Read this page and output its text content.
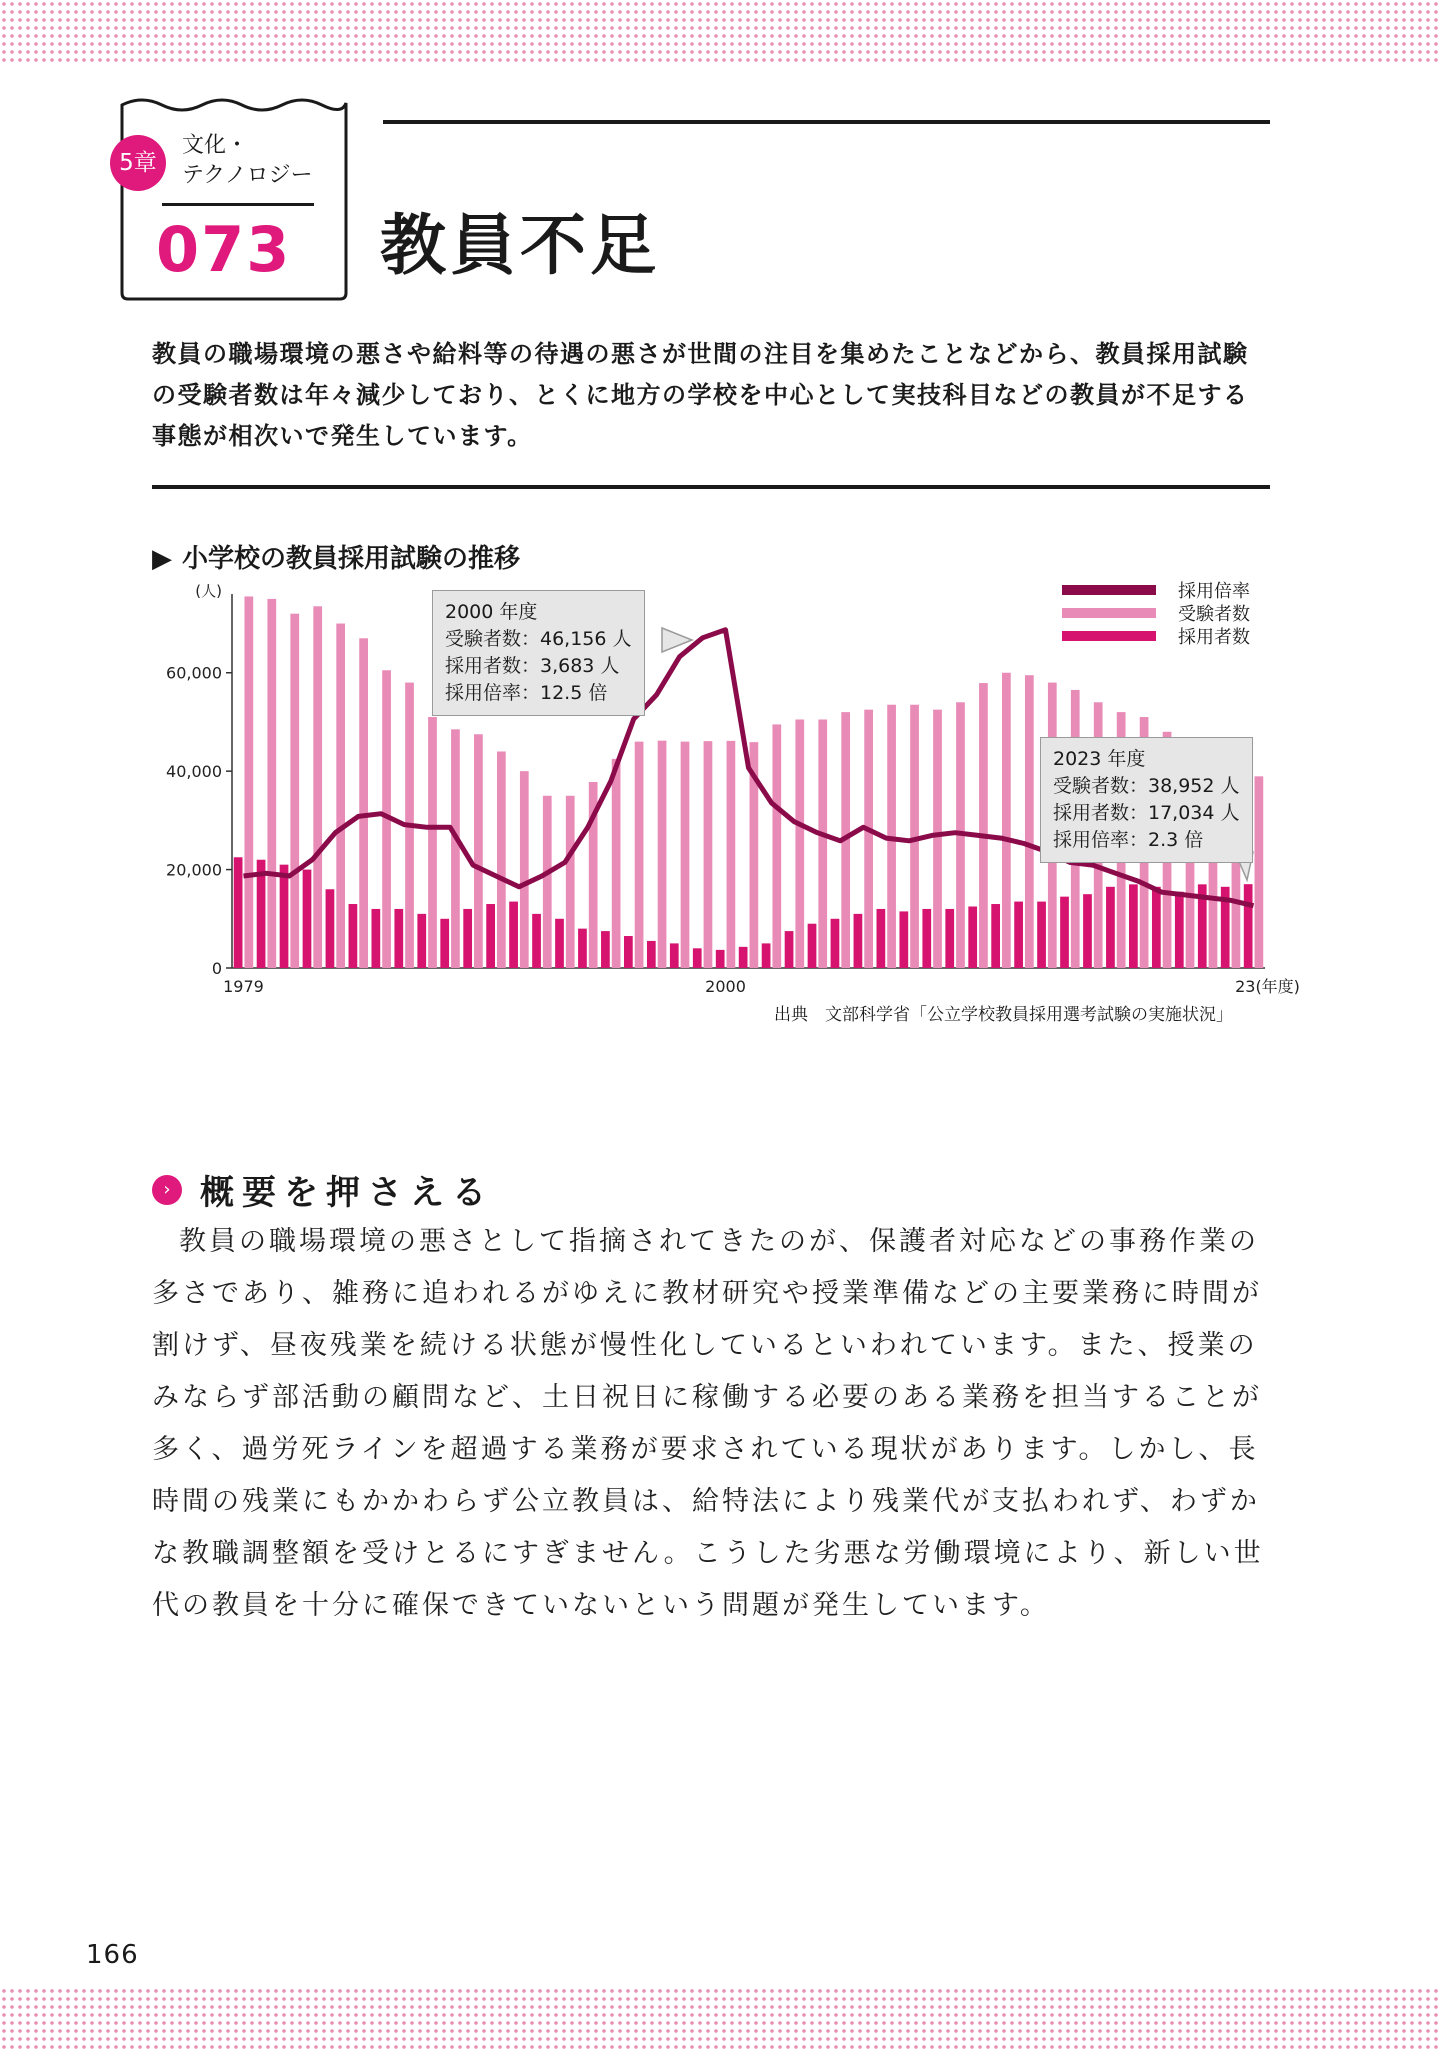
5章
文化・
テクノロジー
073 教員不足
教員の職場環境の悪さや給料等の待遇の悪さが世間の注目を集めたことなどから、教員採用試験の受験者数は年々減少しており、とくに地方の学校を中心として実技科目などの教員が不足する事態が相次いで発生しています。
▶ 小学校の教員採用試験の推移
0
20,000
40,000
60,000
(人)
1979	2000	23(年度)
採用倍率
受験者数
採用者数
2000 年度
受験者数：46,156 人
採用者数：3,683 人
採用倍率：12.5 倍
2023 年度
受験者数：38,952 人
採用者数：17,034 人
採用倍率：2.3 倍
出典　文部科学省「公立学校教員採用選考試験の実施状況」
› 概要を押さえる
教員の職場環境の悪さとして指摘されてきたのが、保護者対応などの事務作業の多さであり、雑務に追われるがゆえに教材研究や授業準備などの主要業務に時間が割けず、昼夜残業を続ける状態が慢性化しているといわれています。また、授業のみならず部活動の顧問など、土日祝日に稼働する必要のある業務を担当することが多く、過労死ラインを超過する業務が要求されている現状があります。しかし、長時間の残業にもかかわらず公立教員は、給特法により残業代が支払われず、わずかな教職調整額を受けとるにすぎません。こうした劣悪な労働環境により、新しい世代の教員を十分に確保できていないという問題が発生しています。
166
